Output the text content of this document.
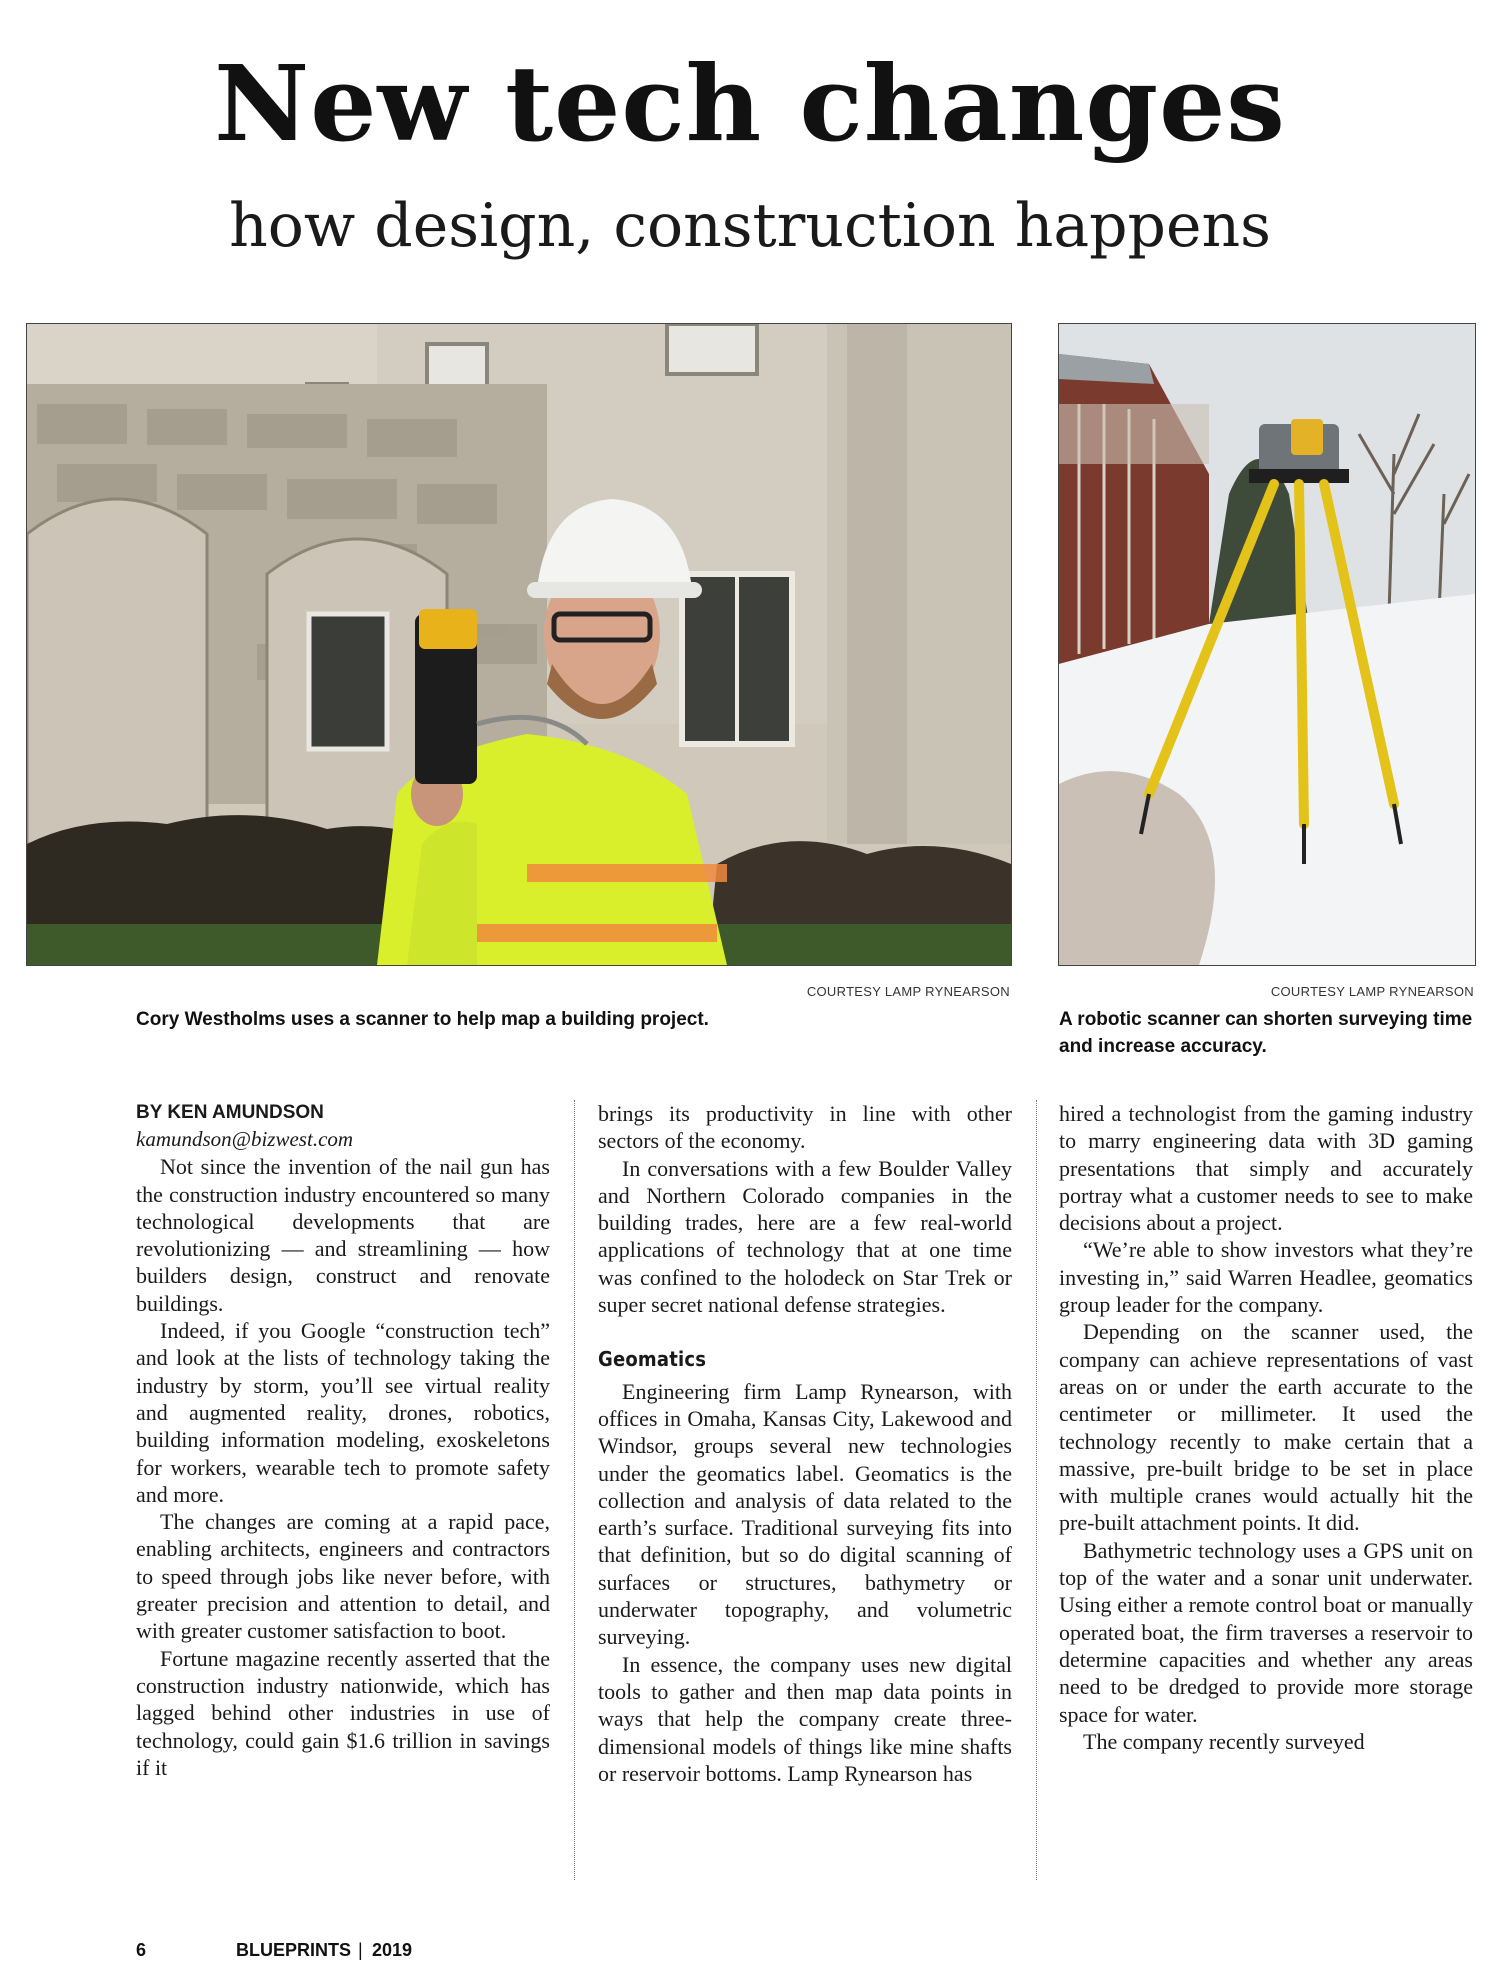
New tech changes
how design, construction happens
COURTESY LAMP RYNEARSON
Cory Westholms uses a scanner to help map a building project.
COURTESY LAMP RYNEARSON
A robotic scanner can shorten surveying time and increase accuracy.

BY KEN AMUNDSON

kamundson@bizwest.com

Not since the invention of the nail gun has the construction industry encountered so many technological developments that are revolutionizing — and streamlining — how builders design, construct and renovate buildings.

Indeed, if you Google “construction tech” and look at the lists of technology taking the industry by storm, you’ll see virtual reality and augmented reality, drones, robotics, building information modeling, exoskeletons for workers, wearable tech to promote safety and more.

The changes are coming at a rapid pace, enabling architects, engineers and contractors to speed through jobs like never before, with greater precision and attention to detail, and with greater customer satisfaction to boot.

Fortune magazine recently asserted that the construction industry nationwide, which has lagged behind other industries in use of technology, could gain $1.6 trillion in savings if it

brings its productivity in line with other sectors of the economy.

In conversations with a few Boulder Valley and Northern Colorado companies in the building trades, here are a few real-world applications of technology that at one time was confined to the holodeck on Star Trek or super secret national defense strategies.

Geomatics

Engineering firm Lamp Rynearson, with offices in Omaha, Kansas City, Lakewood and Windsor, groups several new technologies under the geomatics label. Geomatics is the collection and analysis of data related to the earth’s surface. Traditional surveying fits into that definition, but so do digital scanning of surfaces or structures, bathymetry or underwater topography, and volumetric surveying.

In essence, the company uses new digital tools to gather and then map data points in ways that help the company create three-dimensional models of things like mine shafts or reservoir bottoms. Lamp Rynearson has

hired a technologist from the gaming industry to marry engineering data with 3D gaming presentations that simply and accurately portray what a customer needs to see to make decisions about a project.

“We’re able to show investors what they’re investing in,” said Warren Headlee, geomatics group leader for the company.

Depending on the scanner used, the company can achieve representations of vast areas on or under the earth accurate to the centimeter or millimeter. It used the technology recently to make certain that a massive, pre-built bridge to be set in place with multiple cranes would actually hit the pre-built attachment points. It did.

Bathymetric technology uses a GPS unit on top of the water and a sonar unit underwater. Using either a remote control boat or manually operated boat, the firm traverses a reservoir to determine capacities and whether any areas need to be dredged to provide more storage space for water.

The company recently surveyed

6	BLUEPRINTS | 2019
